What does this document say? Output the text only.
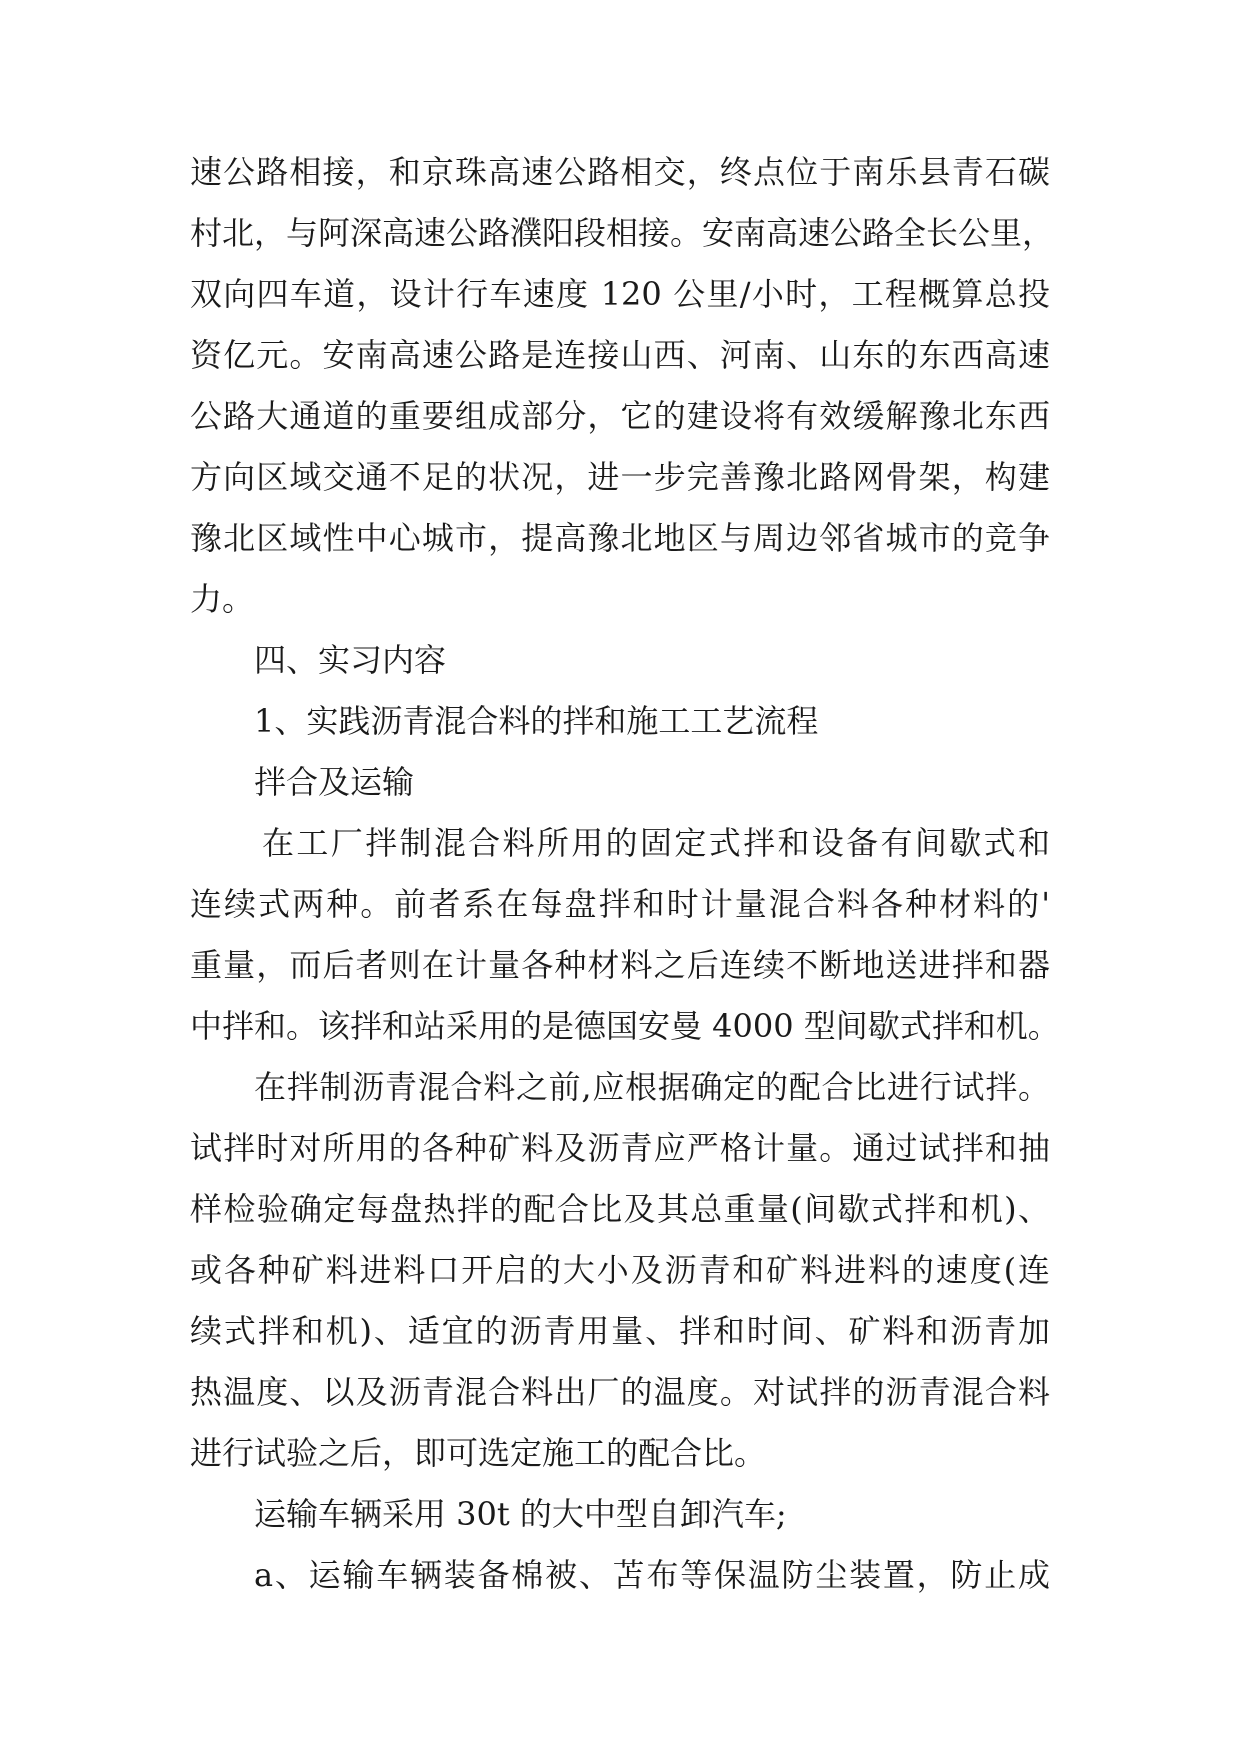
速公路相接，和京珠高速公路相交，终点位于南乐县青石碳
村北，与阿深高速公路濮阳段相接。安南高速公路全长公里，
双向四车道，设计行车速度 120 公里/小时，工程概算总投
资亿元。安南高速公路是连接山西、河南、山东的东西高速
公路大通道的重要组成部分，它的建设将有效缓解豫北东西
方向区域交通不足的状况，进一步完善豫北路网骨架，构建
豫北区域性中心城市，提高豫北地区与周边邻省城市的竞争
力。
四、实习内容
1、实践沥青混合料的拌和施工工艺流程
拌合及运输
在工厂拌制混合料所用的固定式拌和设备有间歇式和
连续式两种。前者系在每盘拌和时计量混合料各种材料的'
重量，而后者则在计量各种材料之后连续不断地送进拌和器
中拌和。该拌和站采用的是德国安曼 4000 型间歇式拌和机。
在拌制沥青混合料之前,应根据确定的配合比进行试拌。
试拌时对所用的各种矿料及沥青应严格计量。通过试拌和抽
样检验确定每盘热拌的配合比及其总重量(间歇式拌和机)、
或各种矿料进料口开启的大小及沥青和矿料进料的速度(连
续式拌和机)、适宜的沥青用量、拌和时间、矿料和沥青加
热温度、以及沥青混合料出厂的温度。对试拌的沥青混合料
进行试验之后，即可选定施工的配合比。
运输车辆采用 30t 的大中型自卸汽车;
a、运输车辆装备棉被、苫布等保温防尘装置，防止成
